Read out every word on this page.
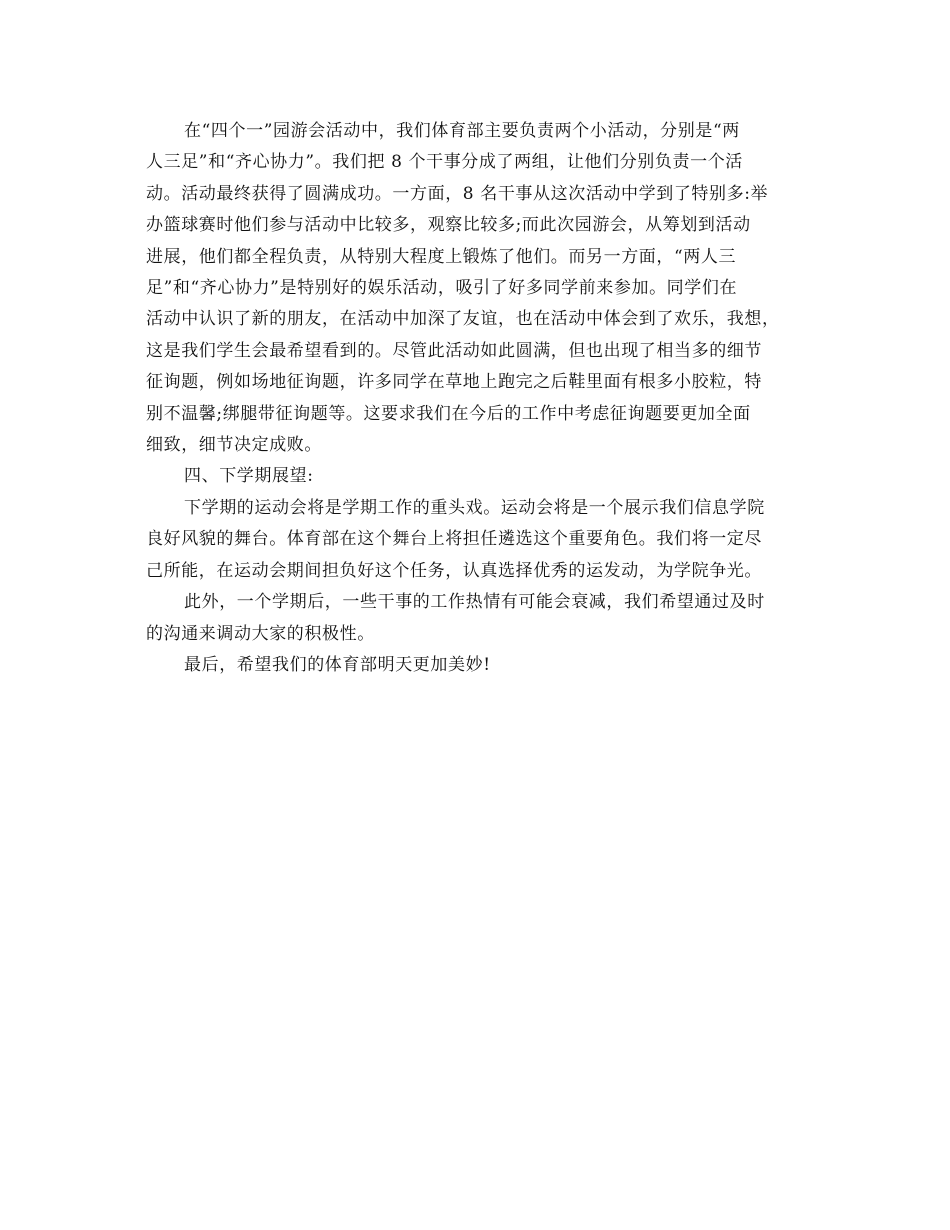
在“四个一”园游会活动中，我们体育部主要负责两个小活动，分别是“两
人三足”和“齐心协力”。我们把 8 个干事分成了两组，让他们分别负责一个活
动。活动最终获得了圆满成功。一方面，8 名干事从这次活动中学到了特别多:举
办篮球赛时他们参与活动中比较多，观察比较多;而此次园游会，从筹划到活动
进展，他们都全程负责，从特别大程度上锻炼了他们。而另一方面，“两人三
足”和“齐心协力”是特别好的娱乐活动，吸引了好多同学前来参加。同学们在
活动中认识了新的朋友，在活动中加深了友谊，也在活动中体会到了欢乐，我想，
这是我们学生会最希望看到的。尽管此活动如此圆满，但也出现了相当多的细节
征询题，例如场地征询题，许多同学在草地上跑完之后鞋里面有根多小胶粒，特
别不温馨;绑腿带征询题等。这要求我们在今后的工作中考虑征询题要更加全面
细致，细节决定成败。
四、下学期展望:
下学期的运动会将是学期工作的重头戏。运动会将是一个展示我们信息学院
良好风貌的舞台。体育部在这个舞台上将担任遴选这个重要角色。我们将一定尽
己所能，在运动会期间担负好这个任务，认真选择优秀的运发动，为学院争光。
此外，一个学期后，一些干事的工作热情有可能会衰减，我们希望通过及时
的沟通来调动大家的积极性。
最后，希望我们的体育部明天更加美妙!
